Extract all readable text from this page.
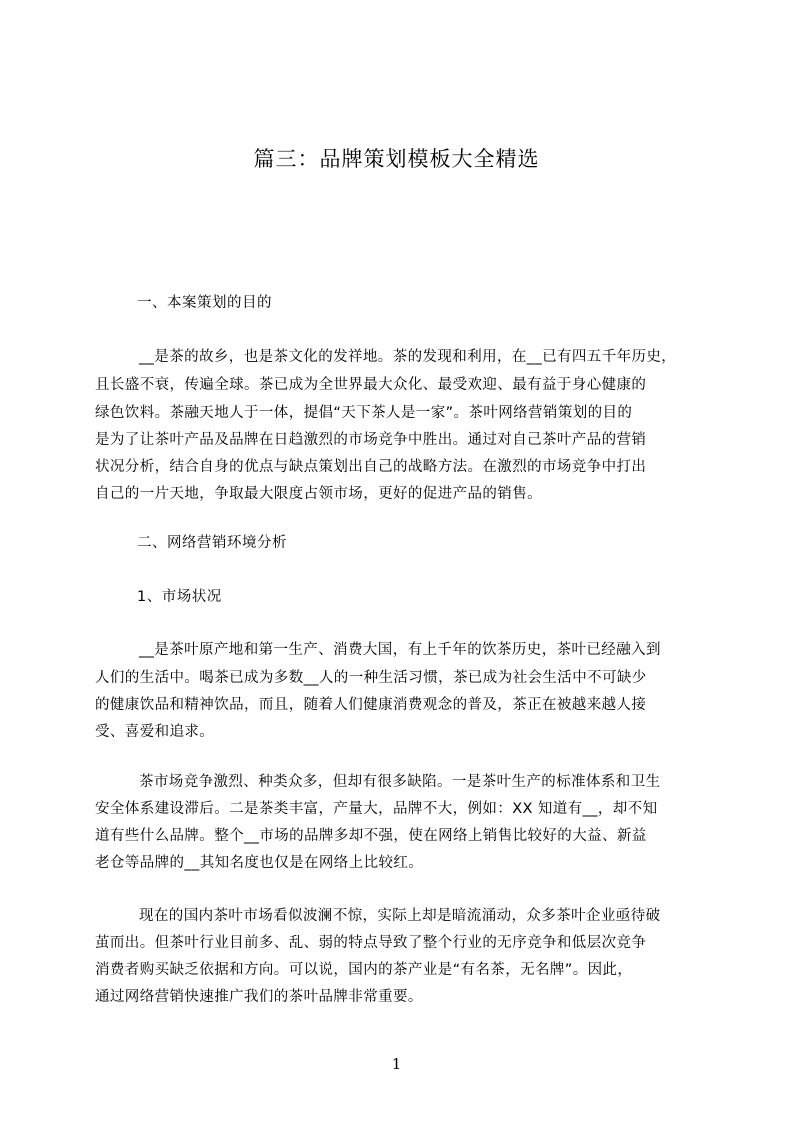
篇三：品牌策划模板大全精选
一、本案策划的目的
__是茶的故乡，也是茶文化的发祥地。茶的发现和利用，在__已有四五千年历史，
且长盛不衰，传遍全球。茶已成为全世界最大众化、最受欢迎、最有益于身心健康的
绿色饮料。茶融天地人于一体，提倡“天下茶人是一家”。茶叶网络营销策划的目的
是为了让茶叶产品及品牌在日趋激烈的市场竞争中胜出。通过对自己茶叶产品的营销
状况分析，结合自身的优点与缺点策划出自己的战略方法。在激烈的市场竞争中打出
自己的一片天地，争取最大限度占领市场，更好的促进产品的销售。
二、网络营销环境分析
1、市场状况
__是茶叶原产地和第一生产、消费大国，有上千年的饮茶历史，茶叶已经融入到
人们的生活中。喝茶已成为多数__人的一种生活习惯，茶已成为社会生活中不可缺少
的健康饮品和精神饮品，而且，随着人们健康消费观念的普及，茶正在被越来越人接
受、喜爱和追求。
茶市场竞争激烈、种类众多，但却有很多缺陷。一是茶叶生产的标准体系和卫生
安全体系建设滞后。二是茶类丰富，产量大，品牌不大，例如：XX 知道有__，却不知
道有些什么品牌。整个__市场的品牌多却不强，使在网络上销售比较好的大益、新益
老仓等品牌的__其知名度也仅是在网络上比较红。
现在的国内茶叶市场看似波澜不惊，实际上却是暗流涌动，众多茶叶企业亟待破
茧而出。但茶叶行业目前多、乱、弱的特点导致了整个行业的无序竞争和低层次竞争
消费者购买缺乏依据和方向。可以说，国内的茶产业是“有名茶，无名牌”。因此，
通过网络营销快速推广我们的茶叶品牌非常重要。
1
